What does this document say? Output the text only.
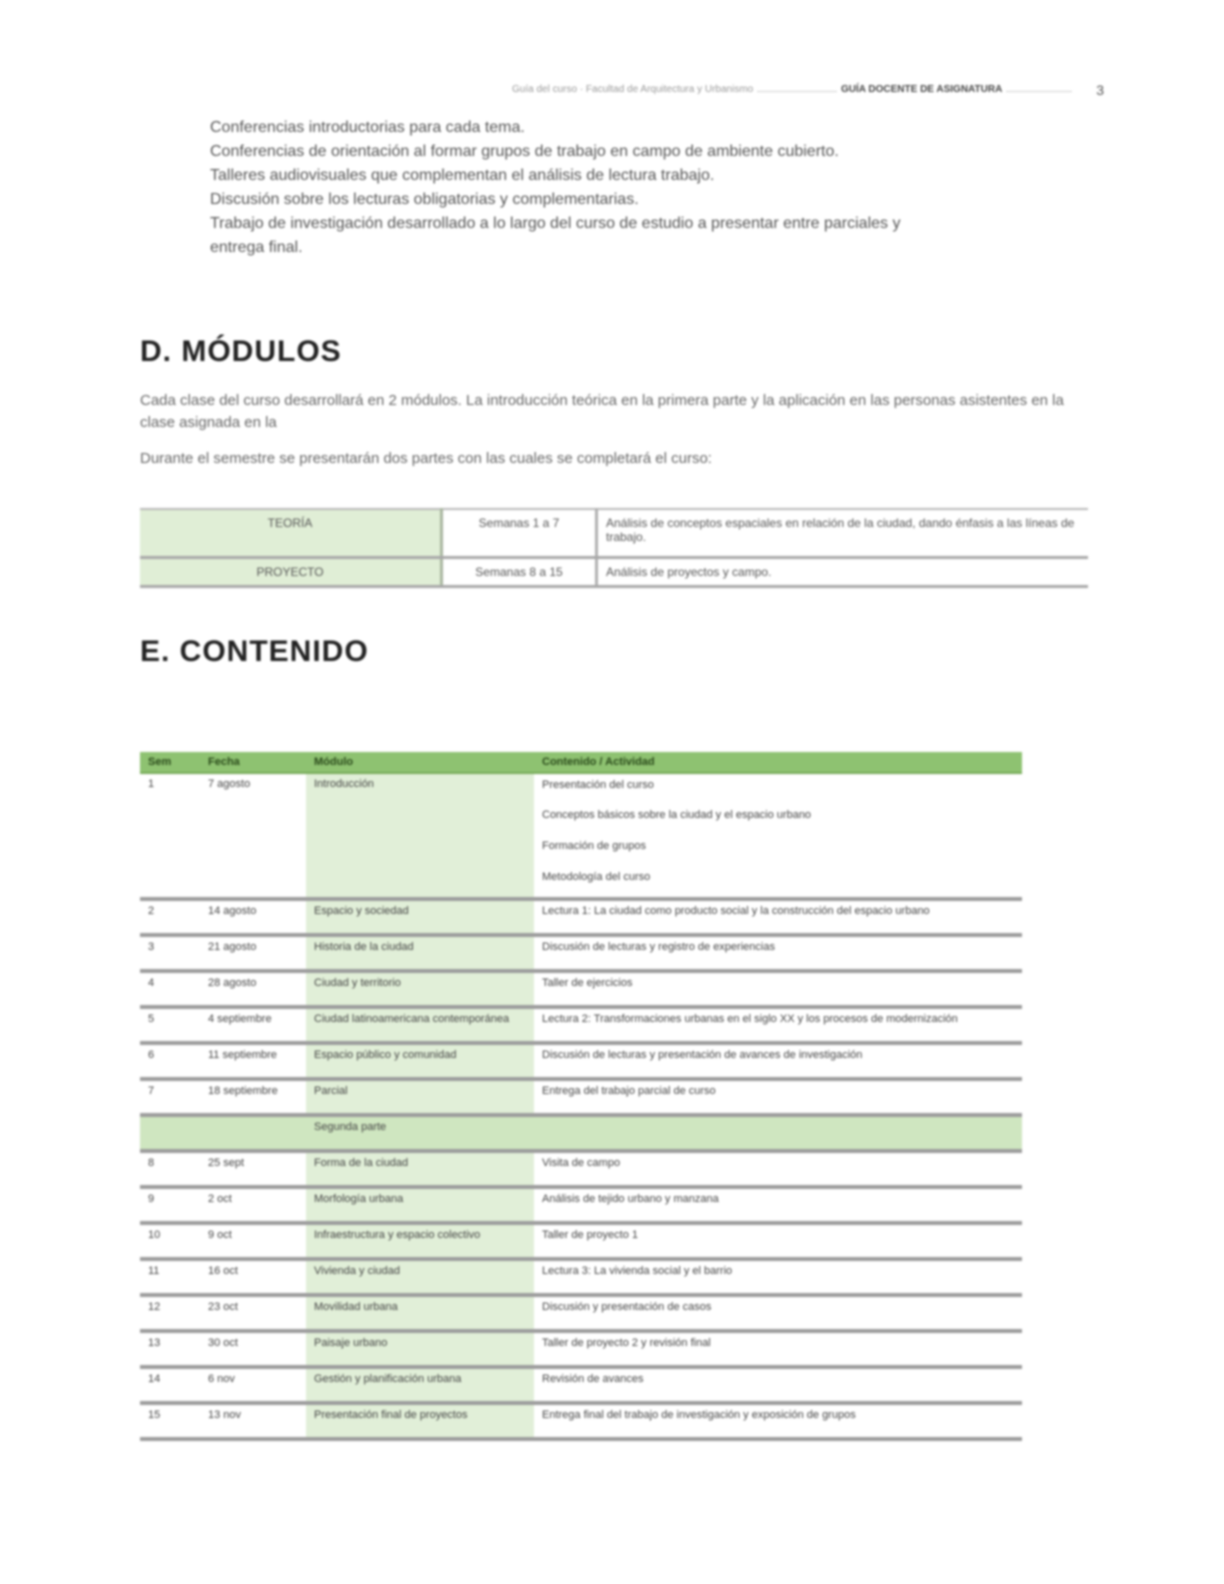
Guía del curso · Facultad de Arquitectura y Urbanismo	GUÍA DOCENTE DE ASIGNATURA	3
Conferencias introductorias para cada tema.
Conferencias de orientación al formar grupos de trabajo en campo de ambiente cubierto.
Talleres audiovisuales que complementan el análisis de lectura trabajo.
Discusión sobre los lecturas obligatorias y complementarias.
Trabajo de investigación desarrollado a lo largo del curso de estudio a presentar entre parciales y
entrega final.
D. MÓDULOS

Cada clase del curso desarrollará en 2 módulos. La introducción teórica en la primera parte y la aplicación en las personas asistentes en la clase asignada en la

Durante el semestre se presentarán dos partes con las cuales se completará el curso:

TEORÍA	Semanas 1 a 7	Análisis de conceptos espaciales en relación de la ciudad, dando énfasis a las líneas de trabajo.
PROYECTO	Semanas 8 a 15	Análisis de proyectos y campo.
E. CONTENIDO
Sem	Fecha	Módulo	Contenido / Actividad
1	7 agosto	Introducción	Presentación del curso
Conceptos básicos sobre la ciudad y el espacio urbano
Formación de grupos
Metodología del curso

2	14 agosto	Espacio y sociedad	Lectura 1: La ciudad como producto social y la construcción del espacio urbano
3	21 agosto	Historia de la ciudad	Discusión de lecturas y registro de experiencias
4	28 agosto	Ciudad y territorio	Taller de ejercicios
5	4 septiembre	Ciudad latinoamericana contemporánea	Lectura 2: Transformaciones urbanas en el siglo XX y los procesos de modernización
6	11 septiembre	Espacio público y comunidad	Discusión de lecturas y presentación de avances de investigación
7	18 septiembre	Parcial	Entrega del trabajo parcial de curso
		Segunda parte	
8	25 sept	Forma de la ciudad	Visita de campo
9	2 oct	Morfología urbana	Análisis de tejido urbano y manzana
10	9 oct	Infraestructura y espacio colectivo	Taller de proyecto 1
11	16 oct	Vivienda y ciudad	Lectura 3: La vivienda social y el barrio
12	23 oct	Movilidad urbana	Discusión y presentación de casos
13	30 oct	Paisaje urbano	Taller de proyecto 2 y revisión final
14	6 nov	Gestión y planificación urbana	Revisión de avances
15	13 nov	Presentación final de proyectos	Entrega final del trabajo de investigación y exposición de grupos
